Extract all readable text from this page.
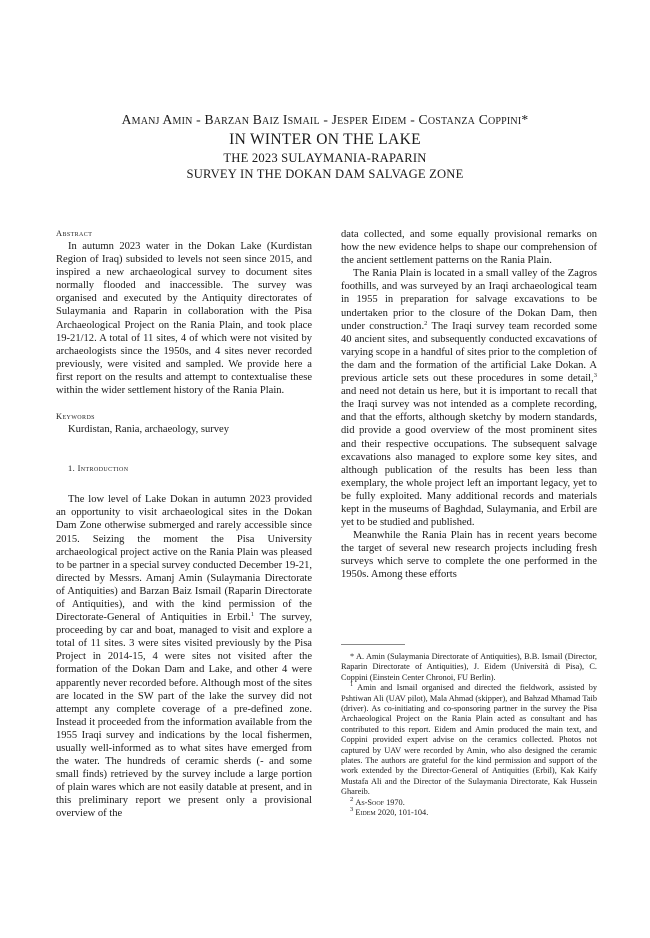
Amanj Amin - Barzan Baiz Ismail - Jesper Eidem - Costanza Coppini*
IN WINTER ON THE LAKE
THE 2023 SULAYMANIA-RAPARIN
SURVEY IN THE DOKAN DAM SALVAGE ZONE

Abstract

In autumn 2023 water in the Dokan Lake (Kurdistan Region of Iraq) subsided to levels not seen since 2015, and inspired a new archaeological survey to document sites normally flooded and inaccessible. The survey was organised and executed by the Antiquity directorates of Sulaymania and Raparin in collaboration with the Pisa Archaeological Project on the Rania Plain, and took place 19-21/12. A total of 11 sites, 4 of which were not visited by archaeologists since the 1950s, and 4 sites never recorded previously, were visited and sampled. We provide here a first report on the results and attempt to contextualise these within the wider settlement history of the Rania Plain.

Keywords

Kurdistan, Rania, archaeology, survey

1. Introduction

The low level of Lake Dokan in autumn 2023 provided an opportunity to visit archaeological sites in the Dokan Dam Zone otherwise submerged and rarely accessible since 2015. Seizing the moment the Pisa University archaeological project active on the Rania Plain was pleased to be partner in a special survey conducted December 19-21, directed by Messrs. Amanj Amin (Sulaymania Directorate of Antiquities) and Barzan Baiz Ismail (Raparin Directorate of Antiquities), and with the kind permission of the Directorate-General of Antiquities in Erbil.$^1$ The survey, proceeding by car and boat, managed to visit and explore a total of 11 sites. 3 were sites visited previously by the Pisa Project in 2014-15, 4 were sites not visited after the formation of the Dokan Dam and Lake, and other 4 were apparently never recorded before. Although most of the sites are located in the SW part of the lake the survey did not attempt any complete coverage of a pre-defined zone. Instead it proceeded from the information available from the 1955 Iraqi survey and indications by the local fishermen, usually well-informed as to what sites have emerged from the water. The hundreds of ceramic sherds (- and some small finds) retrieved by the survey include a large portion of plain wares which are not easily datable at present, and in this preliminary report we present only a provisional overview of the

data collected, and some equally provisional remarks on how the new evidence helps to shape our comprehension of the ancient settlement patterns on the Rania Plain.

The Rania Plain is located in a small valley of the Zagros foothills, and was surveyed by an Iraqi archaeological team in 1955 in preparation for salvage excavations to be undertaken prior to the closure of the Dokan Dam, then under construction.$^2$ The Iraqi survey team recorded some 40 ancient sites, and subsequently conducted excavations of varying scope in a handful of sites prior to the completion of the dam and the formation of the artificial Lake Dokan. A previous article sets out these procedures in some detail,$^3$ and need not detain us here, but it is important to recall that the Iraqi survey was not intended as a complete recording, and that the efforts, although sketchy by modern standards, did provide a good overview of the most prominent sites and their respective occupations. The subsequent salvage excavations also managed to explore some key sites, and although publication of the results has been less than exemplary, the whole project left an important legacy, yet to be fully exploited. Many additional records and materials kept in the museums of Baghdad, Sulaymania, and Erbil are yet to be studied and published.

Meanwhile the Rania Plain has in recent years become the target of several new research projects including fresh surveys which serve to complete the one performed in the 1950s. Among these efforts

* A. Amin (Sulaymania Directorate of Antiquities), B.B. Ismail (Director, Raparin Directorate of Antiquities), J. Eidem (Università di Pisa), C. Coppini (Einstein Center Chronoi, FU Berlin).

$^1$ Amin and Ismail organised and directed the fieldwork, assisted by Pshtiwan Ali (UAV pilot), Mala Ahmad (skipper), and Bahzad Mhamad Taib (driver). As co-initiating and co-sponsoring partner in the survey the Pisa Archaeological Project on the Rania Plain acted as consultant and has contributed to this report. Eidem and Amin produced the main text, and Coppini provided expert advise on the ceramics collected. Photos not captured by UAV were recorded by Amin, who also designed the ceramic plates. The authors are grateful for the kind permission and support of the work extended by the Director-General of Antiquities (Erbil), Kak Kaify Mustafa Ali and the Director of the Sulaymania Directorate, Kak Hussein Ghareib.

$^2$ As-Soof 1970.

$^3$ Eidem 2020, 101-104.
